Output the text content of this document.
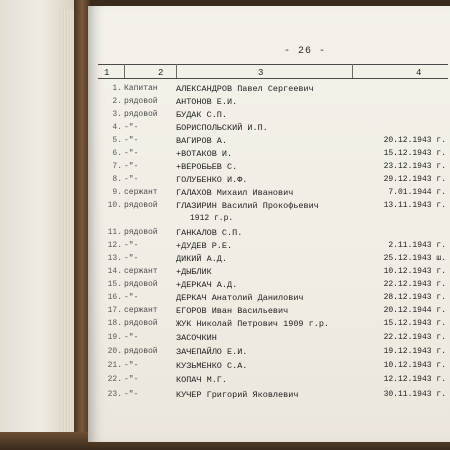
- 26 -
1	2	3	4
1. Капитан	АЛЕКСАНДРОВ Павел Сергеевич
2. рядовой	АНТОНОВ Е.И.
3. рядовой	БУДАК С.П.
4. -"-	БОРИСПОЛЬСКИЙ И.П.
5. -"-	ВАГИРОВ А.	20.12.1943 г.
6. -"-	+ВОТАКОВ И.	15.12.1943 г.
7. -"-	+ВЕРОБЬЕВ С.	23.12.1943 г.
8. -"-	ГОЛУБЕНКО И.Ф.	29.12.1943 г.
9. сержант	ГАЛАХОВ Михаил Иванович	7.01.1944 г.
10. рядовой	ГЛАЗИРИН Василий Прокофьевич	13.11.1943 г.
1912 г.р.
11. рядовой	ГАНКАЛОВ С.П.
12. -"-	+ДУДЕВ Р.Е.	2.11.1943 г.
13. -"-	ДИКИЙ А.Д.	25.12.1943 ш.
14. сержант	+ДЫБЛИК	10.12.1943 г.
15. рядовой	+ДЕРКАЧ А.Д.	22.12.1943 г.
16. -"-	ДЕРКАЧ Анатолий Данилович	28.12.1943 г.
17. сержант	ЕГОРОВ Иван Васильевич	20.12.1944 г.
18. рядовой	ЖУК Николай Петрович 1909 г.р.	15.12.1943 г.
19. -"-	ЗАСОЧКИН	22.12.1943 г.
20. рядовой	ЗАЧЕПАЙЛО Е.И.	19.12.1943 г.
21. -"-	КУЗЬМЕНКО С.А.	10.12.1943 г.
22. -"-	КОПАЧ М.Г.	12.12.1943 г.
23. -"-	КУЧЕР Григорий Яковлевич	30.11.1943 г.
